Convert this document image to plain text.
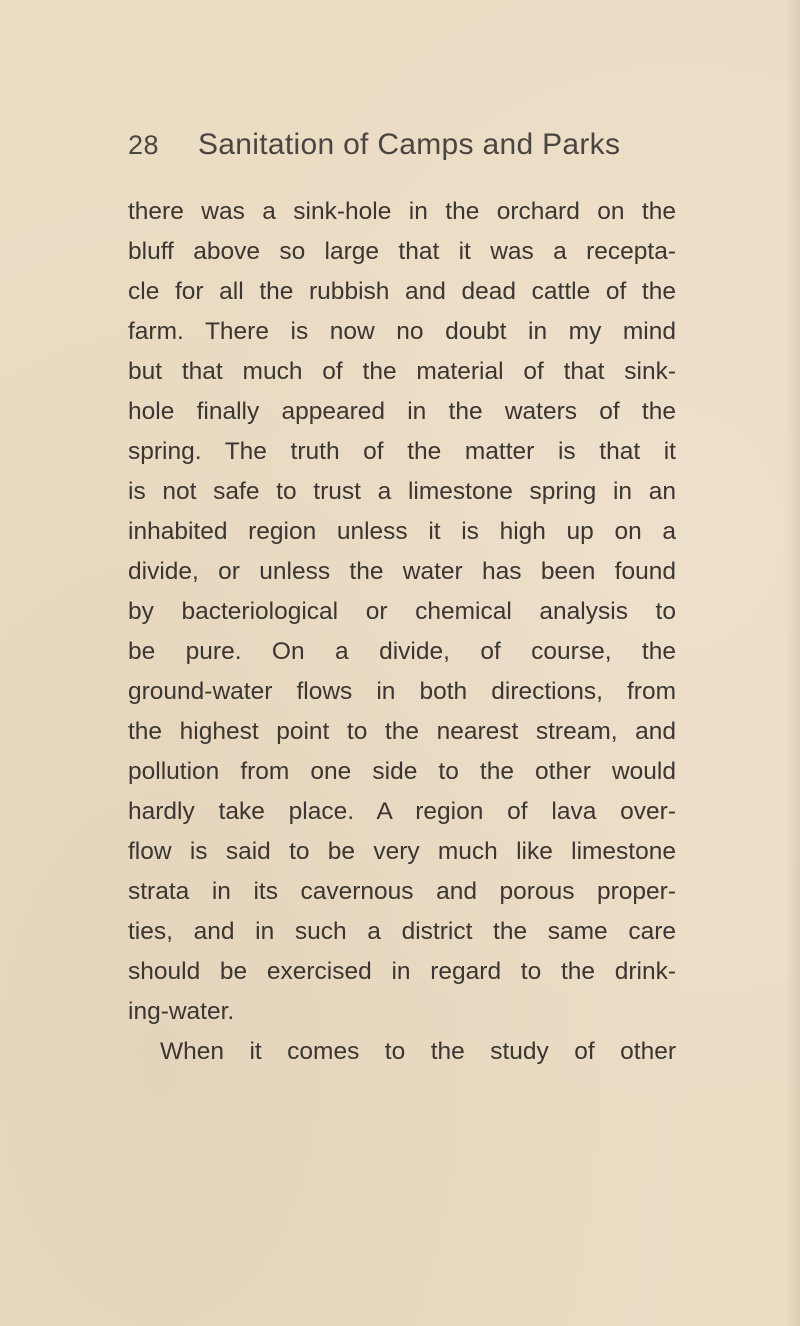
28	Sanitation of Camps and Parks
there was a sink-hole in the orchard on the
bluff above so large that it was a recepta-
cle for all the rubbish and dead cattle of the
farm. There is now no doubt in my mind
but that much of the material of that sink-
hole finally appeared in the waters of the
spring. The truth of the matter is that it
is not safe to trust a limestone spring in an
inhabited region unless it is high up on a
divide, or unless the water has been found
by bacteriological or chemical analysis to
be pure. On a divide, of course, the
ground-water flows in both directions, from
the highest point to the nearest stream, and
pollution from one side to the other would
hardly take place. A region of lava over-
flow is said to be very much like limestone
strata in its cavernous and porous proper-
ties, and in such a district the same care
should be exercised in regard to the drink-
ing-water.
When it comes to the study of other
